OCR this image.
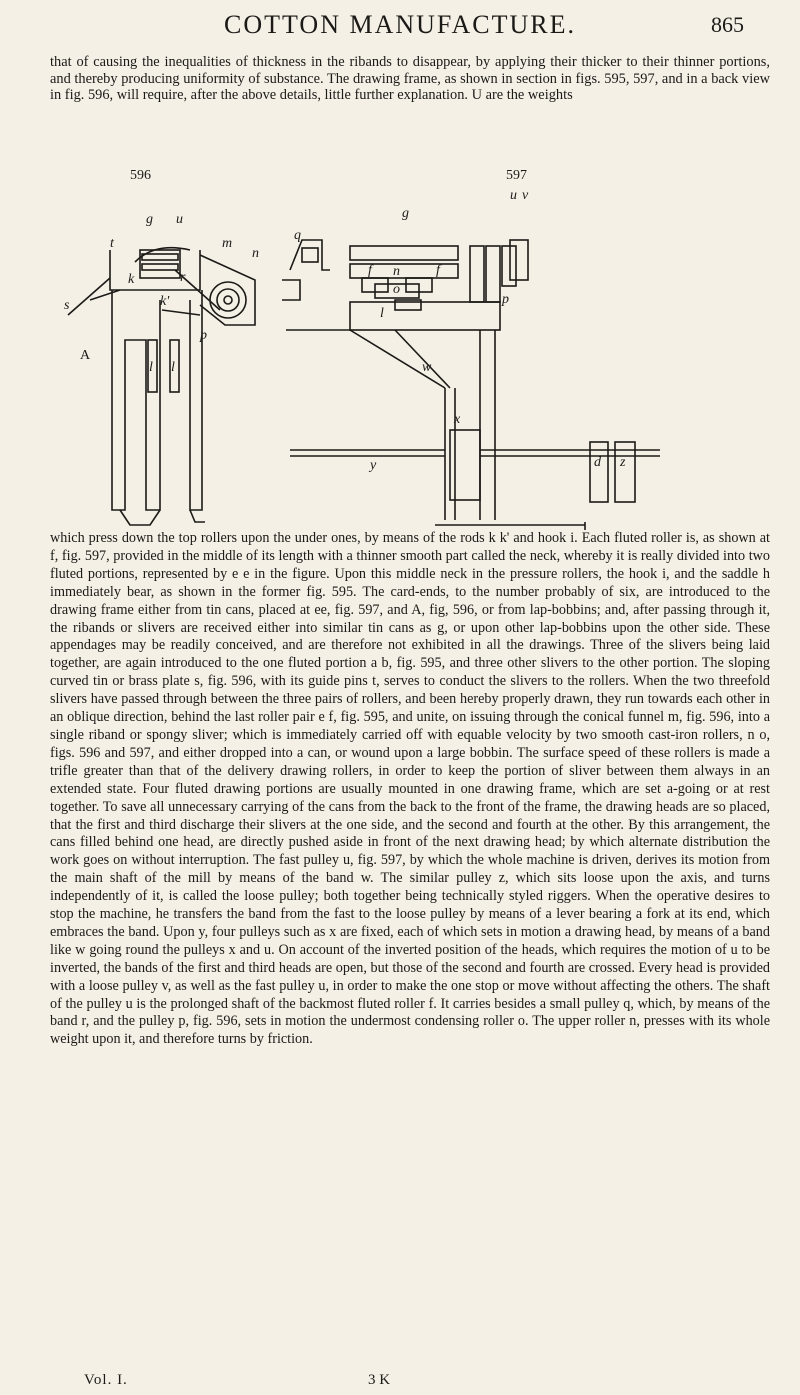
COTTON MANUFACTURE.	865

that of causing the inequalities of thickness in the ribands to disappear, by applying their thicker to their thinner portions, and thereby producing uniformity of substance. The drawing frame, as shown in section in figs. 595, 597, and in a back view in fig. 596, will require, after the above details, little further explanation. U are the weights

596	597
g u
t
s
k
m
n
k'
r
p
l l
A
u v
g
q
f	f
n
o
l
p
w
x
y	d z

which press down the top rollers upon the under ones, by means of the rods k k' and hook i. Each fluted roller is, as shown at f, fig. 597, provided in the middle of its length with a thinner smooth part called the neck, whereby it is really divided into two fluted portions, represented by e e in the figure. Upon this middle neck in the pressure rollers, the hook i, and the saddle h immediately bear, as shown in the former fig. 595. The card-ends, to the number probably of six, are introduced to the drawing frame either from tin cans, placed at ee, fig. 597, and A, fig, 596, or from lap-bobbins; and, after passing through it, the ribands or slivers are received either into similar tin cans as g, or upon other lap-bobbins upon the other side. These appendages may be readily conceived, and are therefore not exhibited in all the drawings. Three of the slivers being laid together, are again introduced to the one fluted portion a b, fig. 595, and three other slivers to the other portion. The sloping curved tin or brass plate s, fig. 596, with its guide pins t, serves to conduct the slivers to the rollers. When the two threefold slivers have passed through between the three pairs of rollers, and been hereby properly drawn, they run towards each other in an oblique direction, behind the last roller pair e f, fig. 595, and unite, on issuing through the conical funnel m, fig. 596, into a single riband or spongy sliver; which is immediately carried off with equable velocity by two smooth cast-iron rollers, n o, figs. 596 and 597, and either dropped into a can, or wound upon a large bobbin. The surface speed of these rollers is made a trifle greater than that of the delivery drawing rollers, in order to keep the portion of sliver between them always in an extended state. Four fluted drawing portions are usually mounted in one drawing frame, which are set a-going or at rest together. To save all unnecessary carrying of the cans from the back to the front of the frame, the drawing heads are so placed, that the first and third discharge their slivers at the one side, and the second and fourth at the other. By this arrangement, the cans filled behind one head, are directly pushed aside in front of the next drawing head; by which alternate distribution the work goes on without interruption. The fast pulley u, fig. 597, by which the whole machine is driven, derives its motion from the main shaft of the mill by means of the band w. The similar pulley z, which sits loose upon the axis, and turns independently of it, is called the loose pulley; both together being technically styled riggers. When the operative desires to stop the machine, he transfers the band from the fast to the loose pulley by means of a lever bearing a fork at its end, which embraces the band. Upon y, four pulleys such as x are fixed, each of which sets in motion a drawing head, by means of a band like w going round the pulleys x and u. On account of the inverted position of the heads, which requires the motion of u to be inverted, the bands of the first and third heads are open, but those of the second and fourth are crossed. Every head is provided with a loose pulley v, as well as the fast pulley u, in order to make the one stop or move without affecting the others. The shaft of the pulley u is the prolonged shaft of the backmost fluted roller f. It carries besides a small pulley q, which, by means of the band r, and the pulley p, fig. 596, sets in motion the undermost condensing roller o. The upper roller n, presses with its whole weight upon it, and therefore turns by friction.

Vol. I.	3 K
